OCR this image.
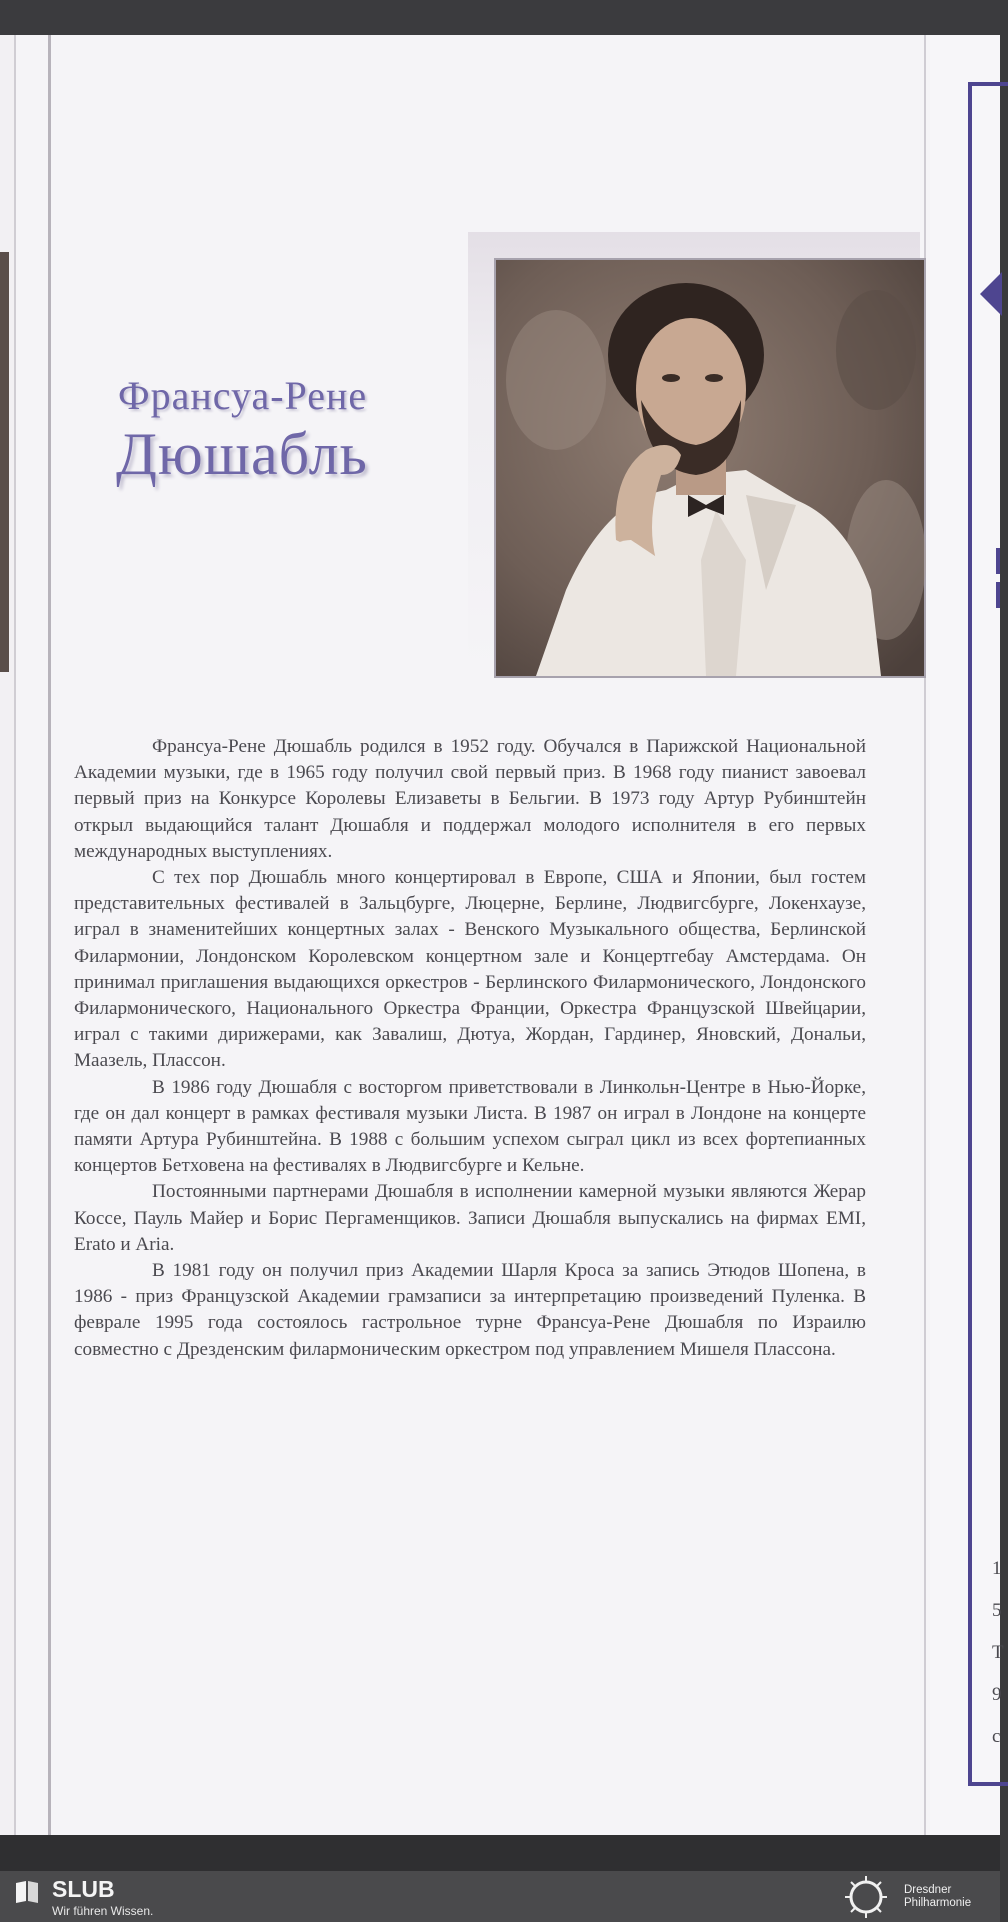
1
5
T
9
c
Франсуа-Рене
Дюшабль

Франсуа-Рене Дюшабль родился в 1952 году. Обучался в Парижской Национальной Академии музыки, где в 1965 году получил свой первый приз. В 1968 году пианист завоевал первый приз на Конкурсе Королевы Елизаветы в Бельгии. В 1973 году Артур Рубинштейн открыл выдающийся талант Дюшабля и поддержал молодого исполнителя в его первых международных выступлениях.

С тех пор Дюшабль много концертировал в Европе, США и Японии, был гостем представительных фестивалей в Зальцбурге, Люцерне, Берлине, Людвигсбурге, Локенхаузе, играл в знаменитейших концертных залах - Венского Музыкального общества, Берлинской Филармонии, Лондонском Королевском концертном зале и Концертгебау Амстердама. Он принимал приглашения выдающихся оркестров - Берлинского Филармонического, Лондонского Филармонического, Национального Оркестра Франции, Оркестра Французской Швейцарии, играл с такими дирижерами, как Завалиш, Дютуа, Жордан, Гардинер, Яновский, Дональи, Маазель, Плассон.

В 1986 году Дюшабля с восторгом приветствовали в Линкольн-Центре в Нью-Йорке, где он дал концерт в рамках фестиваля музыки Листа. В 1987 он играл в Лондоне на концерте памяти Артура Рубинштейна. В 1988 с большим успехом сыграл цикл из всех фортепианных концертов Бетховена на фестивалях в Людвигсбурге и Кельне.

Постоянными партнерами Дюшабля в исполнении камерной музыки являются Жерар Коссе, Пауль Майер и Борис Пергаменщиков. Записи Дюшабля выпускались на фирмах EMI, Erato и Aria.

В 1981 году он получил приз Академии Шарля Кроса за запись Этюдов Шопена, в 1986 - приз Французской Академии грамзаписи за интерпретацию произведений Пуленка. В феврале 1995 года состоялось гастрольное турне Франсуа-Рене Дюшабля по Израилю совместно с Дрезденским филармоническим оркестром под управлением Мишеля Плассона.

SLUB
Wir führen Wissen.
Dresdner
Philharmonie
